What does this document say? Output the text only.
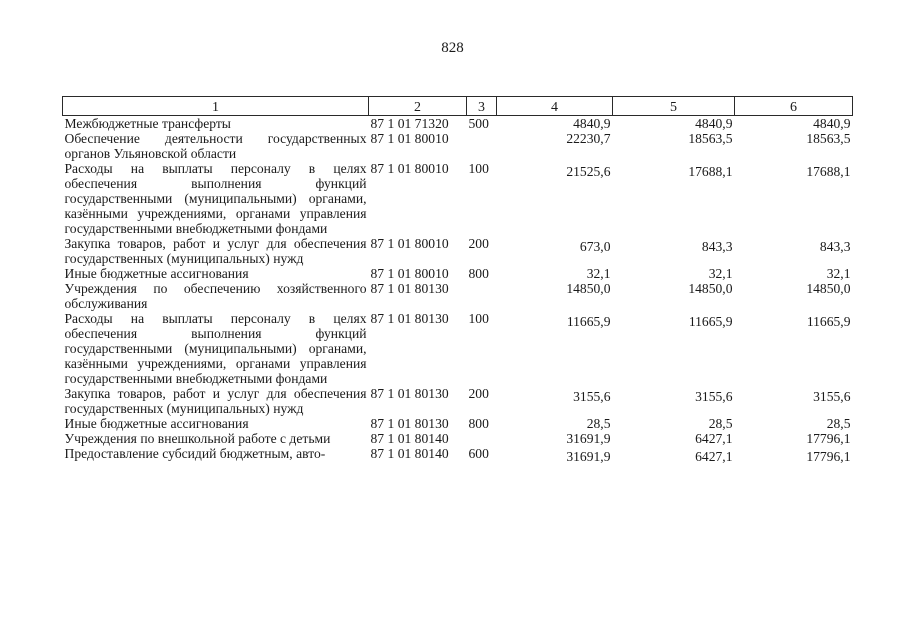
828
1	2	3	4	5	6
Межбюджетные трансферты	87 1 01 71320	500	4840,9	4840,9	4840,9
Обеспечение деятельности государственных органов Ульяновской области	87 1 01 80010		22230,7	18563,5	18563,5
Расходы на выплаты персоналу в целях обеспечения выполнения функций государственными (муниципальными) органами, казёнными учреждениями, органами управления государственными внебюджетными фондами	87 1 01 80010	100	21525,6	17688,1	17688,1
Закупка товаров, работ и услуг для обеспечения государственных (муниципальных) нужд	87 1 01 80010	200	673,0	843,3	843,3
Иные бюджетные ассигнования	87 1 01 80010	800	32,1	32,1	32,1
Учреждения по обеспечению хозяйственного обслуживания	87 1 01 80130		14850,0	14850,0	14850,0
Расходы на выплаты персоналу в целях обеспечения выполнения функций государственными (муниципальными) органами, казёнными учреждениями, органами управления государственными внебюджетными фондами	87 1 01 80130	100	11665,9	11665,9	11665,9
Закупка товаров, работ и услуг для обеспечения государственных (муниципальных) нужд	87 1 01 80130	200	3155,6	3155,6	3155,6
Иные бюджетные ассигнования	87 1 01 80130	800	28,5	28,5	28,5
Учреждения по внешкольной работе с детьми	87 1 01 80140		31691,9	6427,1	17796,1
Предоставление субсидий бюджетным, авто-	87 1 01 80140	600	31691,9	6427,1	17796,1
